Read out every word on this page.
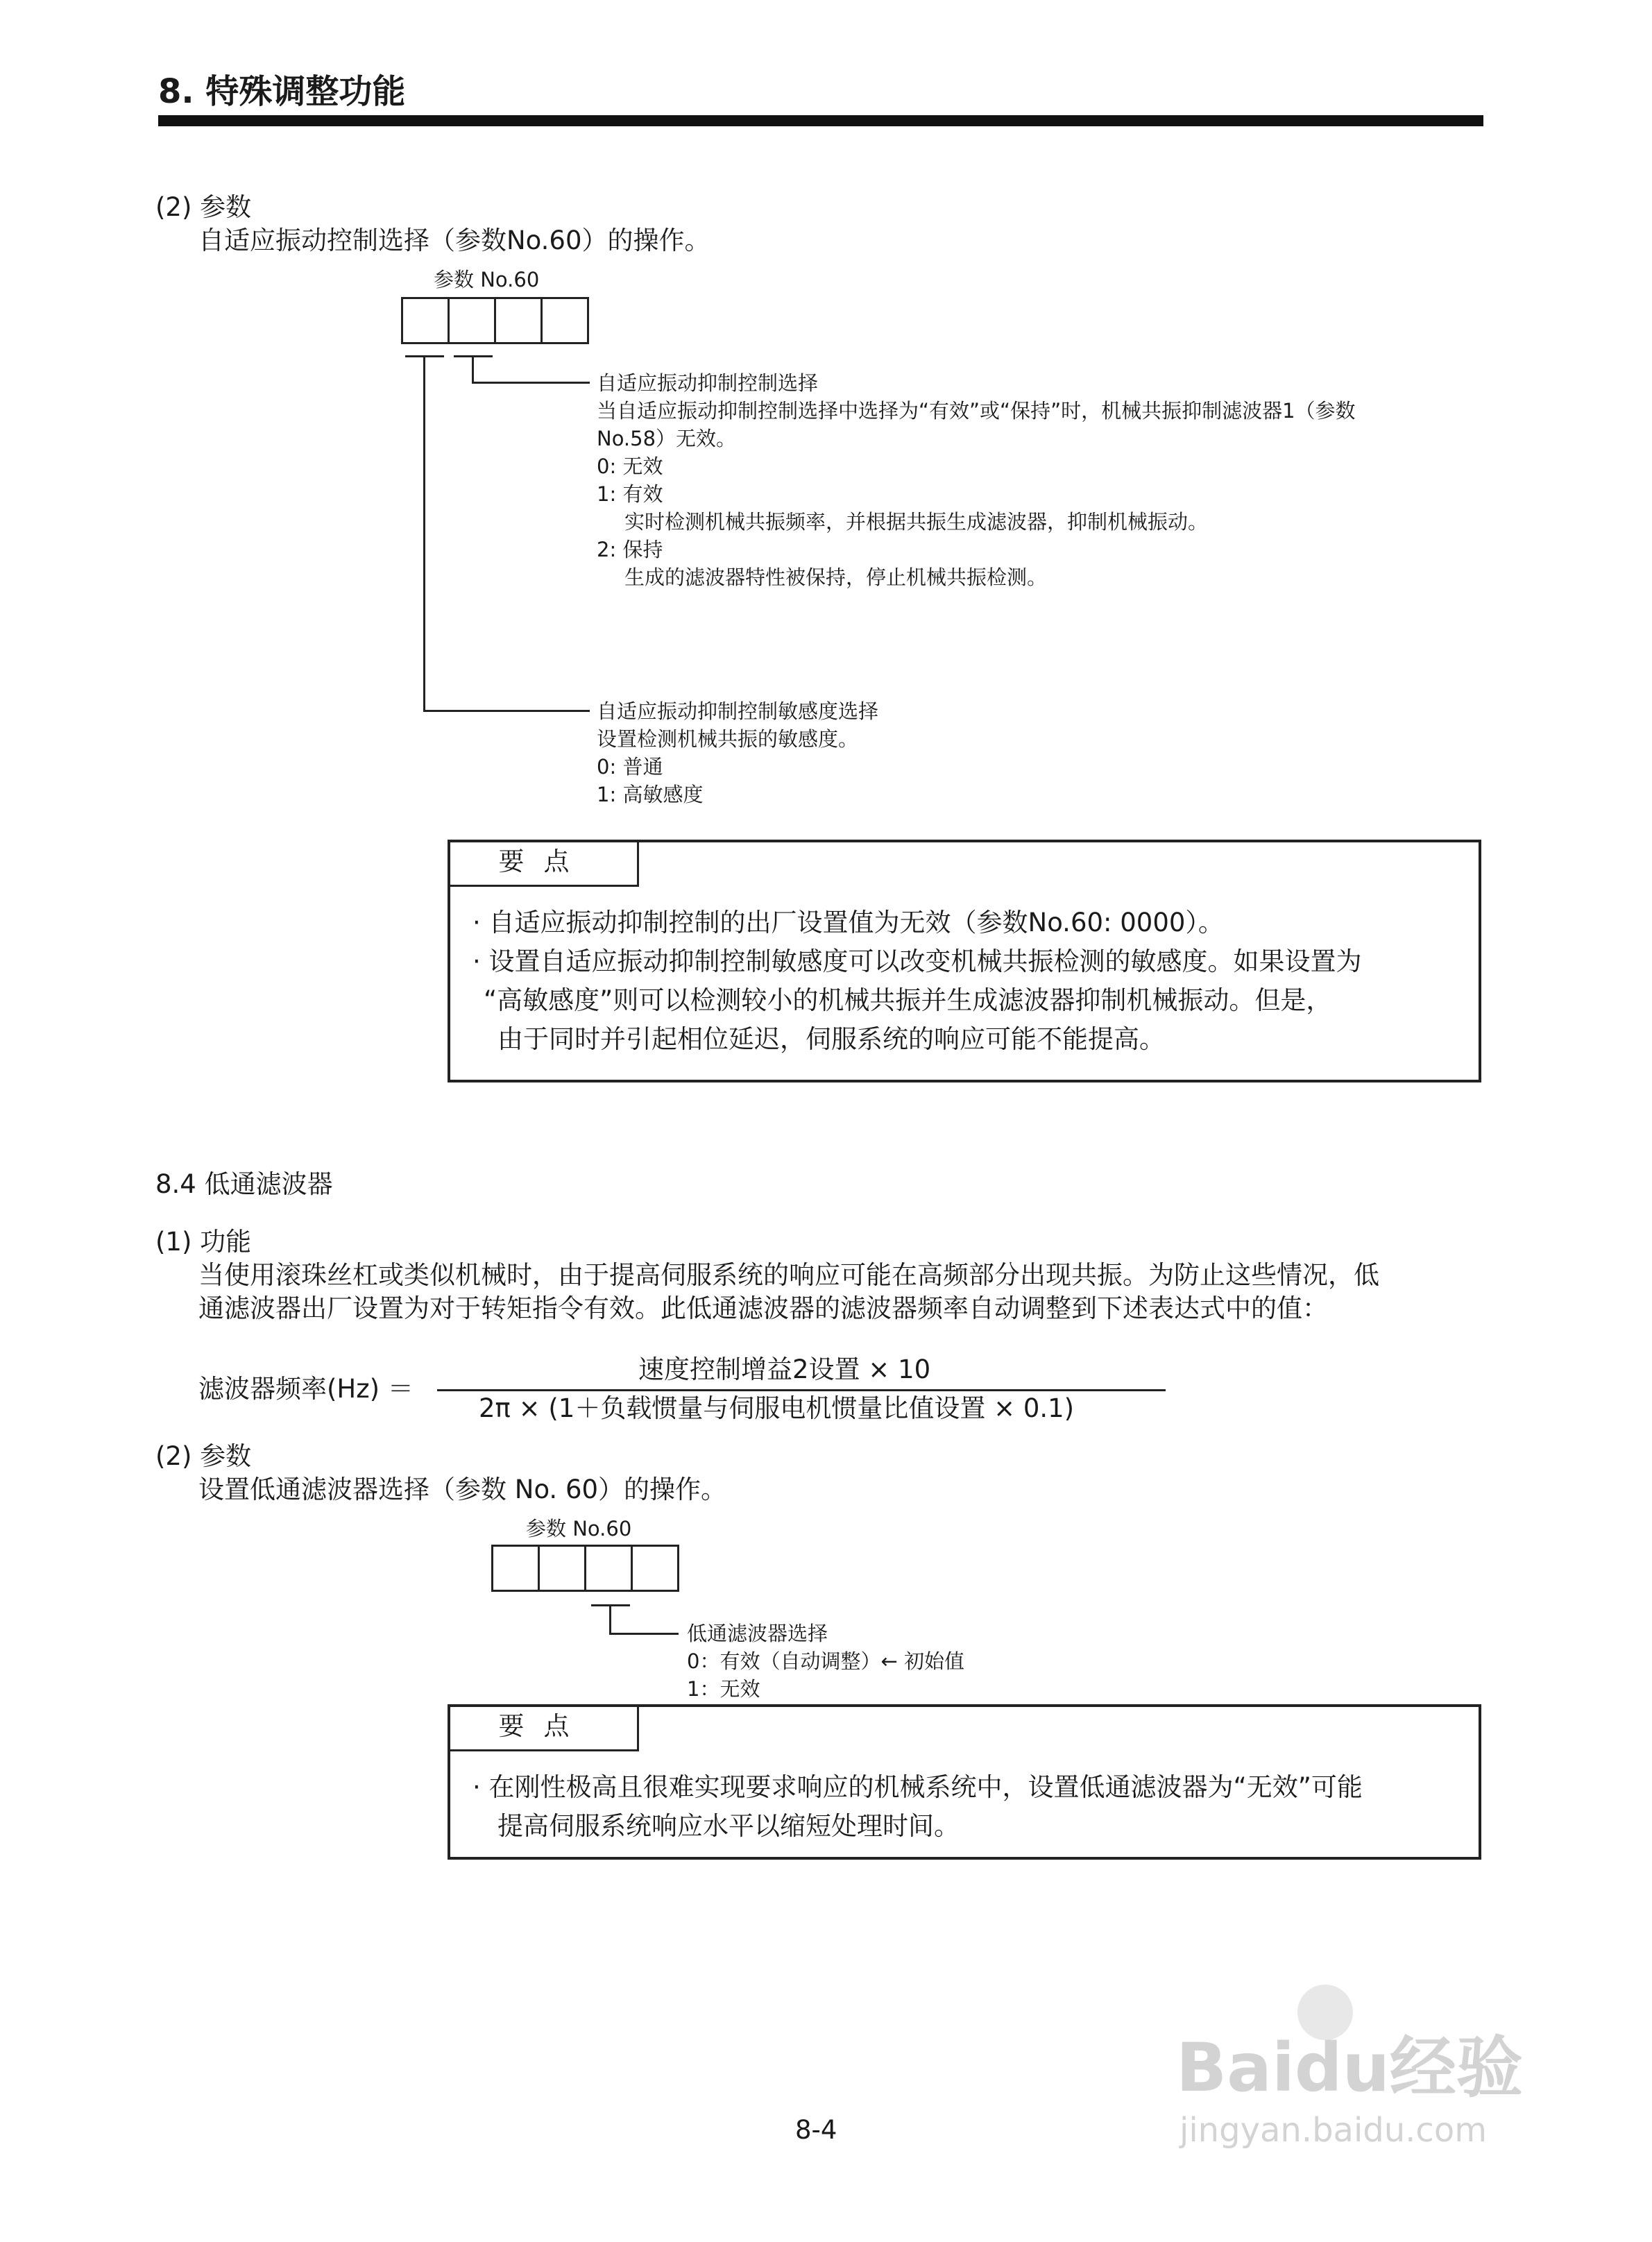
8. 特殊调整功能
(2) 参数
自适应振动控制选择（参数No.60）的操作。
参数 No.60
自适应振动抑制控制选择
当自适应振动抑制控制选择中选择为“有效”或“保持”时，机械共振抑制滤波器1（参数
No.58）无效。
0: 无效
1: 有效
实时检测机械共振频率，并根据共振生成滤波器，抑制机械振动。
2: 保持
生成的滤波器特性被保持，停止机械共振检测。
自适应振动抑制控制敏感度选择
设置检测机械共振的敏感度。
0: 普通
1: 高敏感度
要点
· 自适应振动抑制控制的出厂设置值为无效（参数No.60: 0000）。
· 设置自适应振动抑制控制敏感度可以改变机械共振检测的敏感度。如果设置为
“高敏感度”则可以检测较小的机械共振并生成滤波器抑制机械振动。但是，
由于同时并引起相位延迟，伺服系统的响应可能不能提高。
8.4 低通滤波器
(1) 功能
当使用滚珠丝杠或类似机械时，由于提高伺服系统的响应可能在高频部分出现共振。为防止这些情况，低
通滤波器出厂设置为对于转矩指令有效。此低通滤波器的滤波器频率自动调整到下述表达式中的值：
滤波器频率(Hz) ＝
速度控制增益2设置 × 10
2π × (1＋负载惯量与伺服电机惯量比值设置 × 0.1)
(2) 参数
设置低通滤波器选择（参数 No. 60）的操作。
参数 No.60
低通滤波器选择
0：有效（自动调整）← 初始值
1：无效
要点
· 在刚性极高且很难实现要求响应的机械系统中，设置低通滤波器为“无效”可能
提高伺服系统响应水平以缩短处理时间。
Baidu经验
jingyan.baidu.com
8-4
